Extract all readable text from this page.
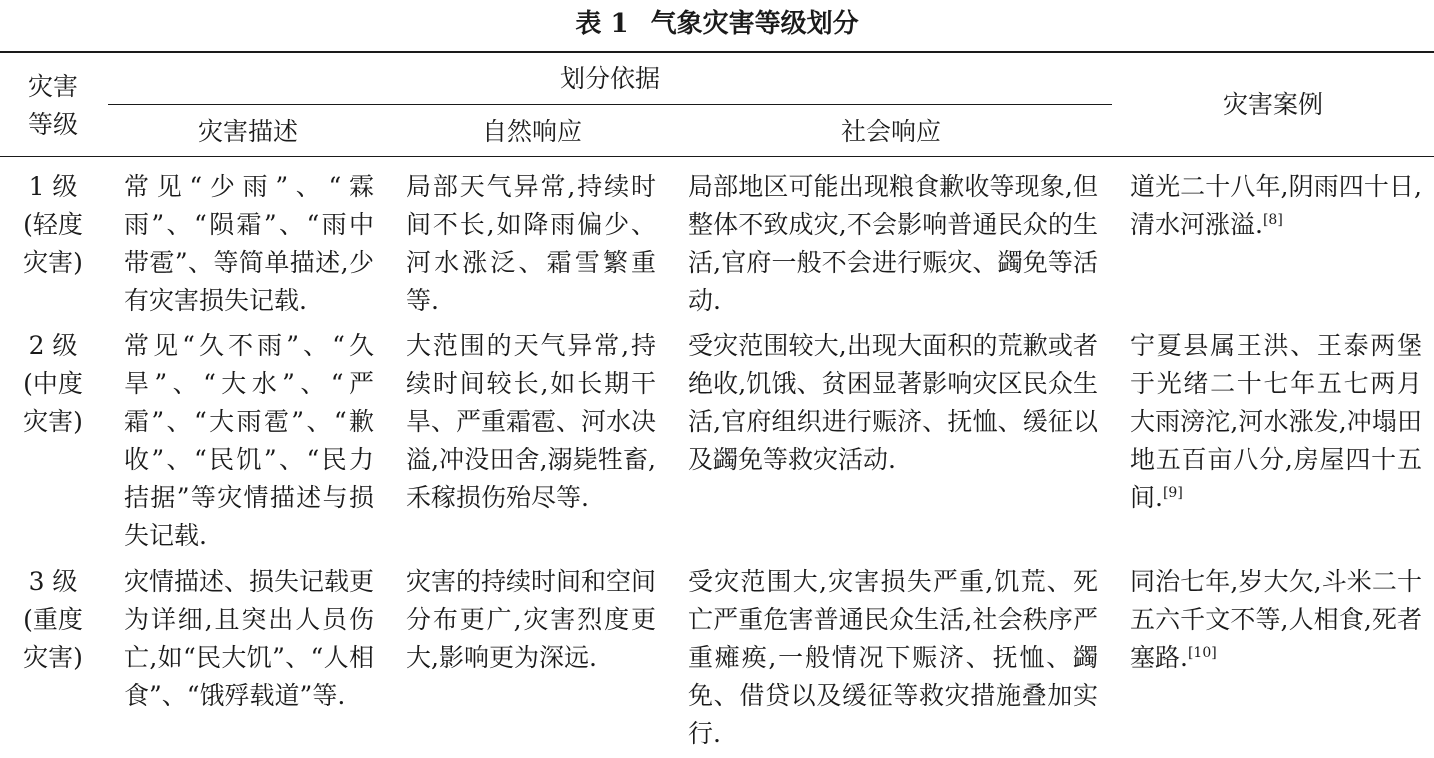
表 1 气象灾害等级划分
灾害
等级
划分依据
灾害描述	自然响应	社会响应
灾害案例
1 级
(轻度
灾害)
常见“少雨”、“霖雨”、“陨霜”、“雨中带雹”、等简单描述,少有灾害损失记载.
局部天气异常,持续时间不长,如降雨偏少、河水涨泛、霜雪繁重等.
局部地区可能出现粮食歉收等现象,但整体不致成灾,不会影响普通民众的生活,官府一般不会进行赈灾、蠲免等活动.
道光二十八年,阴雨四十日,清水河涨溢.[8]
2 级
(中度
灾害)
常见“久不雨”、“久旱”、“大水”、“严霜”、“大雨雹”、“歉收”、“民饥”、“民力拮据”等灾情描述与损失记载.
大范围的天气异常,持续时间较长,如长期干旱、严重霜雹、河水决溢,冲没田舍,溺毙牲畜,禾稼损伤殆尽等.
受灾范围较大,出现大面积的荒歉或者绝收,饥饿、贫困显著影响灾区民众生活,官府组织进行赈济、抚恤、缓征以及蠲免等救灾活动.
宁夏县属王洪、王泰两堡于光绪二十七年五七两月大雨滂沱,河水涨发,冲塌田地五百亩八分,房屋四十五间.[9]
3 级
(重度
灾害)
灾情描述、损失记载更为详细,且突出人员伤亡,如“民大饥”、“人相食”、“饿殍载道”等.
灾害的持续时间和空间分布更广,灾害烈度更大,影响更为深远.
受灾范围大,灾害损失严重,饥荒、死亡严重危害普通民众生活,社会秩序严重瘫痪,一般情况下赈济、抚恤、蠲免、借贷以及缓征等救灾措施叠加实行.
同治七年,岁大欠,斗米二十五六千文不等,人相食,死者塞路.[10]
